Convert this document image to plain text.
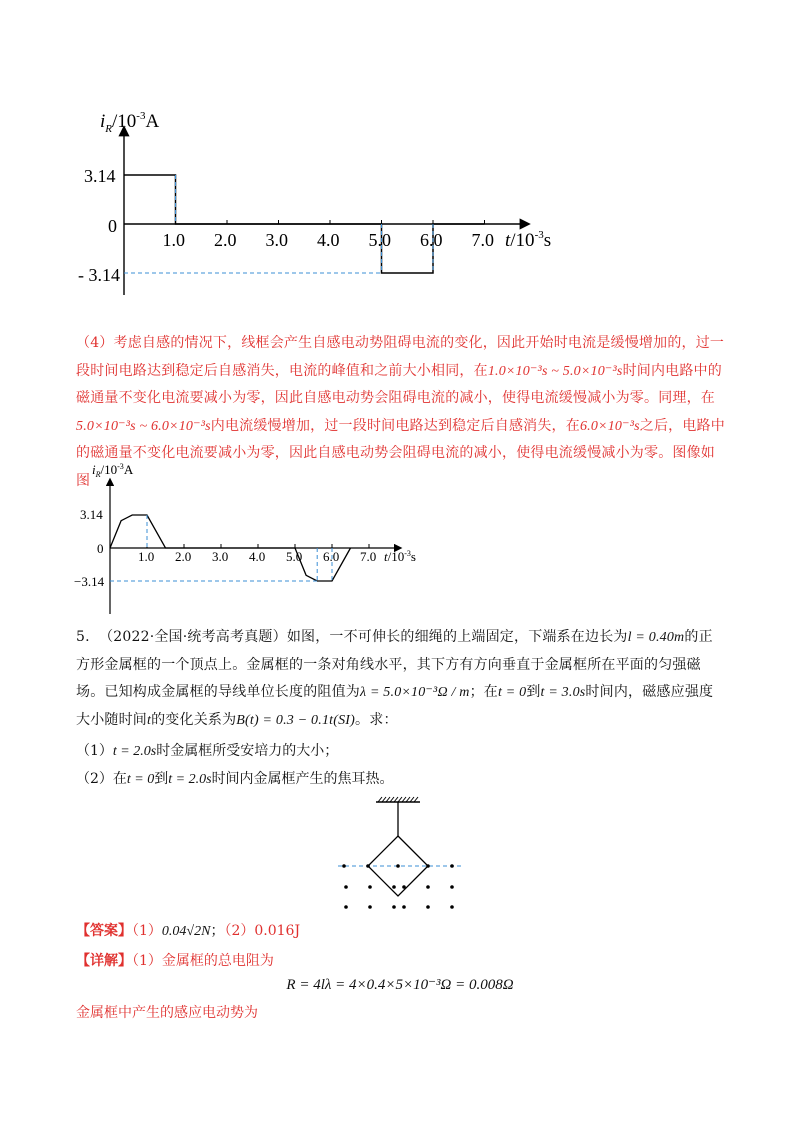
$i_R/10^{-3}A$
$t/10^{-3}s$
1.0 2.0 3.0 4.0 5.0 6.0 7.0
3.14
0
- 3.14
（4）考虑自感的情况下，线框会产生自感电动势阻碍电流的变化，因此开始时电流是缓慢增加的，过一段时间电路达到稳定后自感消失，电流的峰值和之前大小相同，在1.0×10⁻³s ~ 5.0×10⁻³s时间内电路中的磁通量不变化电流要减小为零，因此自感电动势会阻碍电流的减小，使得电流缓慢减小为零。同理，在5.0×10⁻³s ~ 6.0×10⁻³s内电流缓慢增加，过一段时间电路达到稳定后自感消失，在6.0×10⁻³s之后，电路中的磁通量不变化电流要减小为零，因此自感电动势会阻碍电流的减小，使得电流缓慢减小为零。图像如图
$i_R/10^{-3}A$
$t/10^{-3}s$
1.0 2.0 3.0 4.0 5.0 6.0 7.0
3.14
0
−3.14
5. （2022·全国·统考高考真题）如图，一不可伸长的细绳的上端固定，下端系在边长为l = 0.40m的正方形金属框的一个顶点上。金属框的一条对角线水平，其下方有方向垂直于金属框所在平面的匀强磁场。已知构成金属框的导线单位长度的阻值为λ = 5.0×10⁻³Ω / m；在t = 0到t = 3.0s时间内，磁感应强度大小随时间t的变化关系为B(t) = 0.3 − 0.1t(SI)。求：
（1）t = 2.0s时金属框所受安培力的大小；
（2）在t = 0到t = 2.0s时间内金属框产生的焦耳热。
【答案】（1）0.04√2N；（2）0.016J
【详解】（1）金属框的总电阻为
R = 4lλ = 4×0.4×5×10⁻³Ω = 0.008Ω
金属框中产生的感应电动势为
